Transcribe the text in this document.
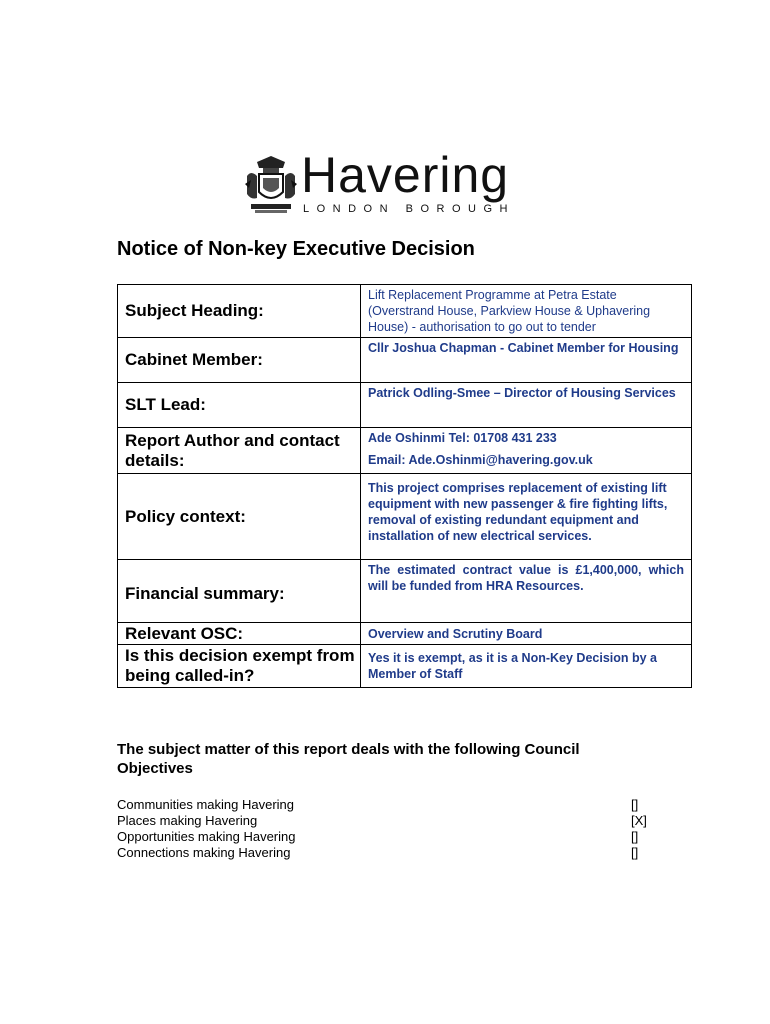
Havering
LONDON BOROUGH
Notice of Non-key Executive Decision
Subject Heading:	Lift Replacement Programme at Petra Estate (Overstrand House, Parkview House & Uphavering House) - authorisation to go out to tender
Cabinet Member:	Cllr Joshua Chapman - Cabinet Member for Housing
SLT Lead:	Patrick Odling-Smee – Director of Housing Services
Report Author and contact details:	Ade Oshinmi Tel: 01708 431 233
Email: Ade.Oshinmi@havering.gov.uk

Policy context:	This project comprises replacement of existing lift equipment with new passenger & fire fighting lifts, removal of existing redundant equipment and installation of new electrical services.
Financial summary:	The estimated contract value is £1,400,000, which will be funded from HRA Resources.
Relevant OSC:	Overview and Scrutiny Board
Is this decision exempt from being called-in?	Yes it is exempt, as it is a Non-Key Decision by a Member of Staff
The subject matter of this report deals with the following Council Objectives
Communities making Havering	[]
Places making Havering	[X]
Opportunities making Havering	[]
Connections making Havering	[]
